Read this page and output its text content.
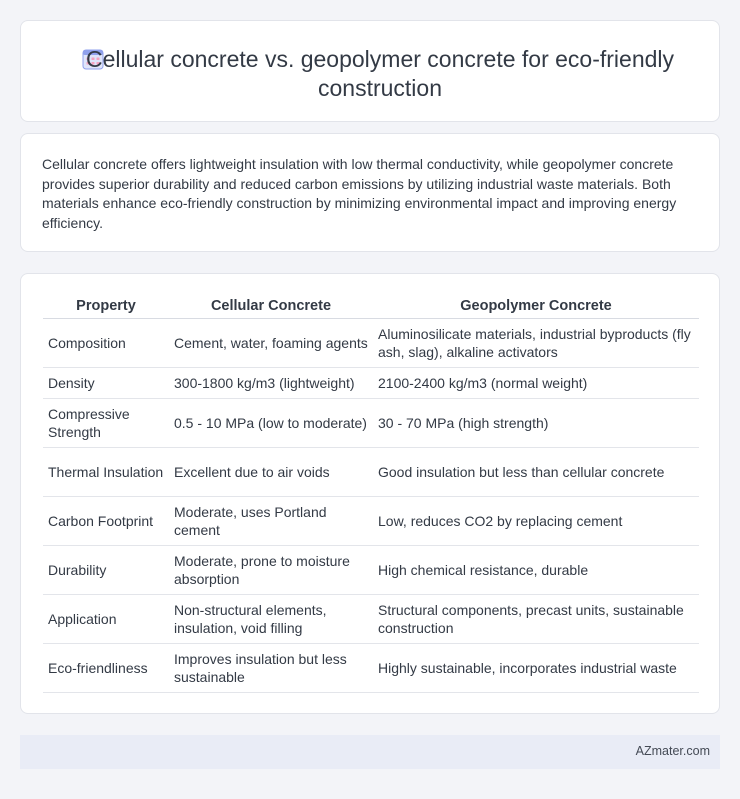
Cellular concrete vs. geopolymer concrete for eco-friendly construction

Cellular concrete offers lightweight insulation with low thermal conductivity, while geopolymer concrete provides superior durability and reduced carbon emissions by utilizing industrial waste materials. Both materials enhance eco-friendly construction by minimizing environmental impact and improving energy efficiency.

Property	Cellular Concrete	Geopolymer Concrete
Composition	Cement, water, foaming agents	Aluminosilicate materials, industrial byproducts (fly ash, slag), alkaline activators
Density	300-1800 kg/m3 (lightweight)	2100-2400 kg/m3 (normal weight)
Compressive Strength	0.5 - 10 MPa (low to moderate)	30 - 70 MPa (high strength)
Thermal Insulation	Excellent due to air voids	Good insulation but less than cellular concrete
Carbon Footprint	Moderate, uses Portland cement	Low, reduces CO2 by replacing cement
Durability	Moderate, prone to moisture absorption	High chemical resistance, durable
Application	Non-structural elements, insulation, void filling	Structural components, precast units, sustainable construction
Eco-friendliness	Improves insulation but less sustainable	Highly sustainable, incorporates industrial waste
AZmater.com
